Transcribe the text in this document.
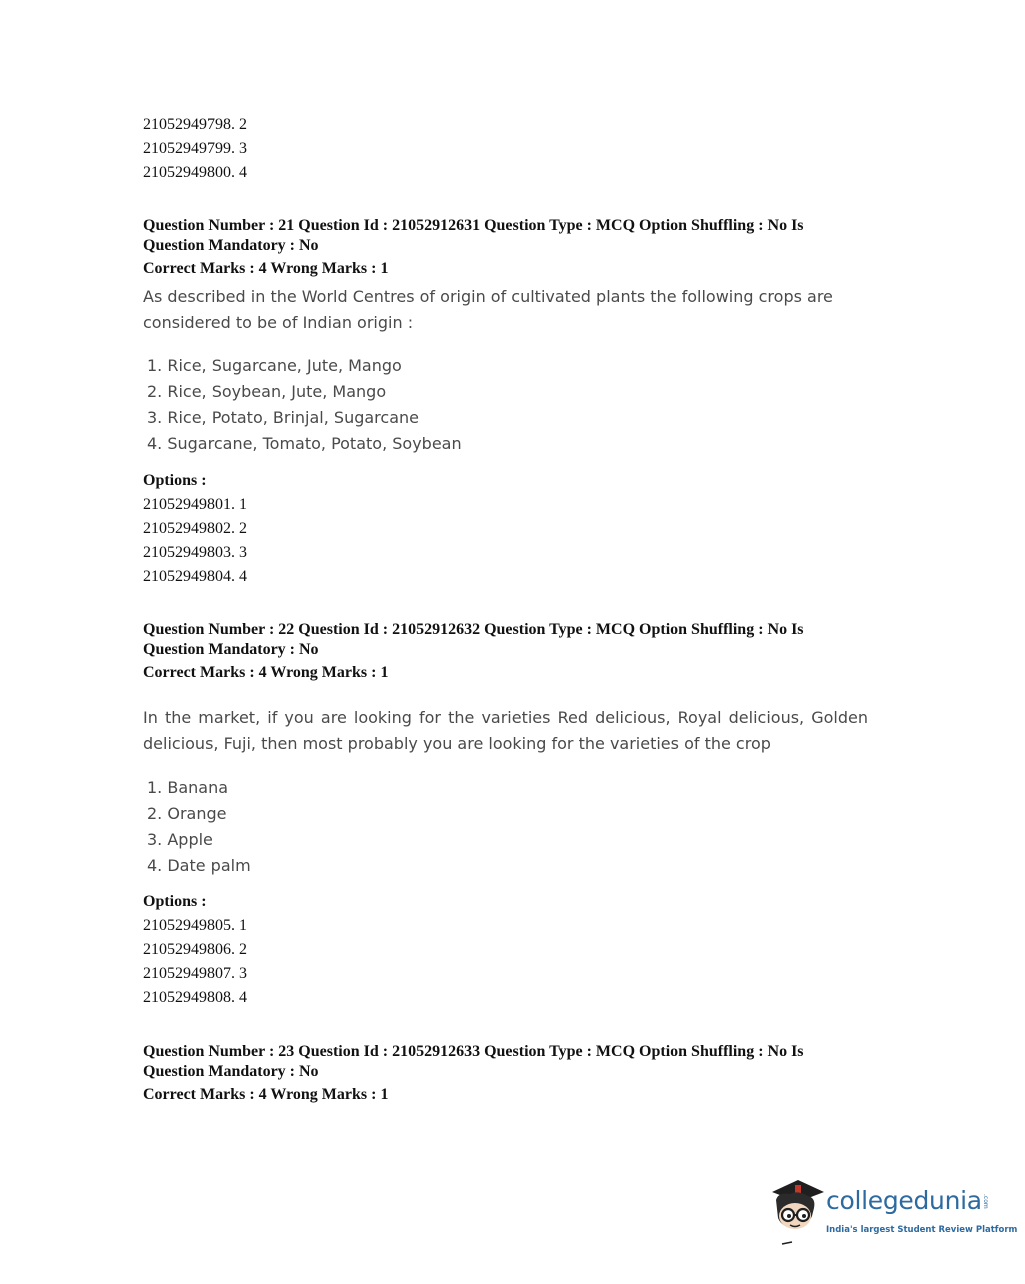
21052949798. 2
21052949799. 3
21052949800. 4
Question Number : 21 Question Id : 21052912631 Question Type : MCQ Option Shuffling : No Is
Question Mandatory : No
Correct Marks : 4 Wrong Marks : 1
As described in the World Centres of origin of cultivated plants the following crops are
considered to be of Indian origin :
1. Rice, Sugarcane, Jute, Mango
2. Rice, Soybean, Jute, Mango
3. Rice, Potato, Brinjal, Sugarcane
4. Sugarcane, Tomato, Potato, Soybean
Options :
21052949801. 1
21052949802. 2
21052949803. 3
21052949804. 4
Question Number : 22 Question Id : 21052912632 Question Type : MCQ Option Shuffling : No Is
Question Mandatory : No
Correct Marks : 4 Wrong Marks : 1
In the market, if you are looking for the varieties Red delicious, Royal delicious, Golden
delicious, Fuji, then most probably you are looking for the varieties of the crop
1. Banana
2. Orange
3. Apple
4. Date palm
Options :
21052949805. 1
21052949806. 2
21052949807. 3
21052949808. 4
Question Number : 23 Question Id : 21052912633 Question Type : MCQ Option Shuffling : No Is
Question Mandatory : No
Correct Marks : 4 Wrong Marks : 1
collegedunia .com
India's largest Student Review Platform
